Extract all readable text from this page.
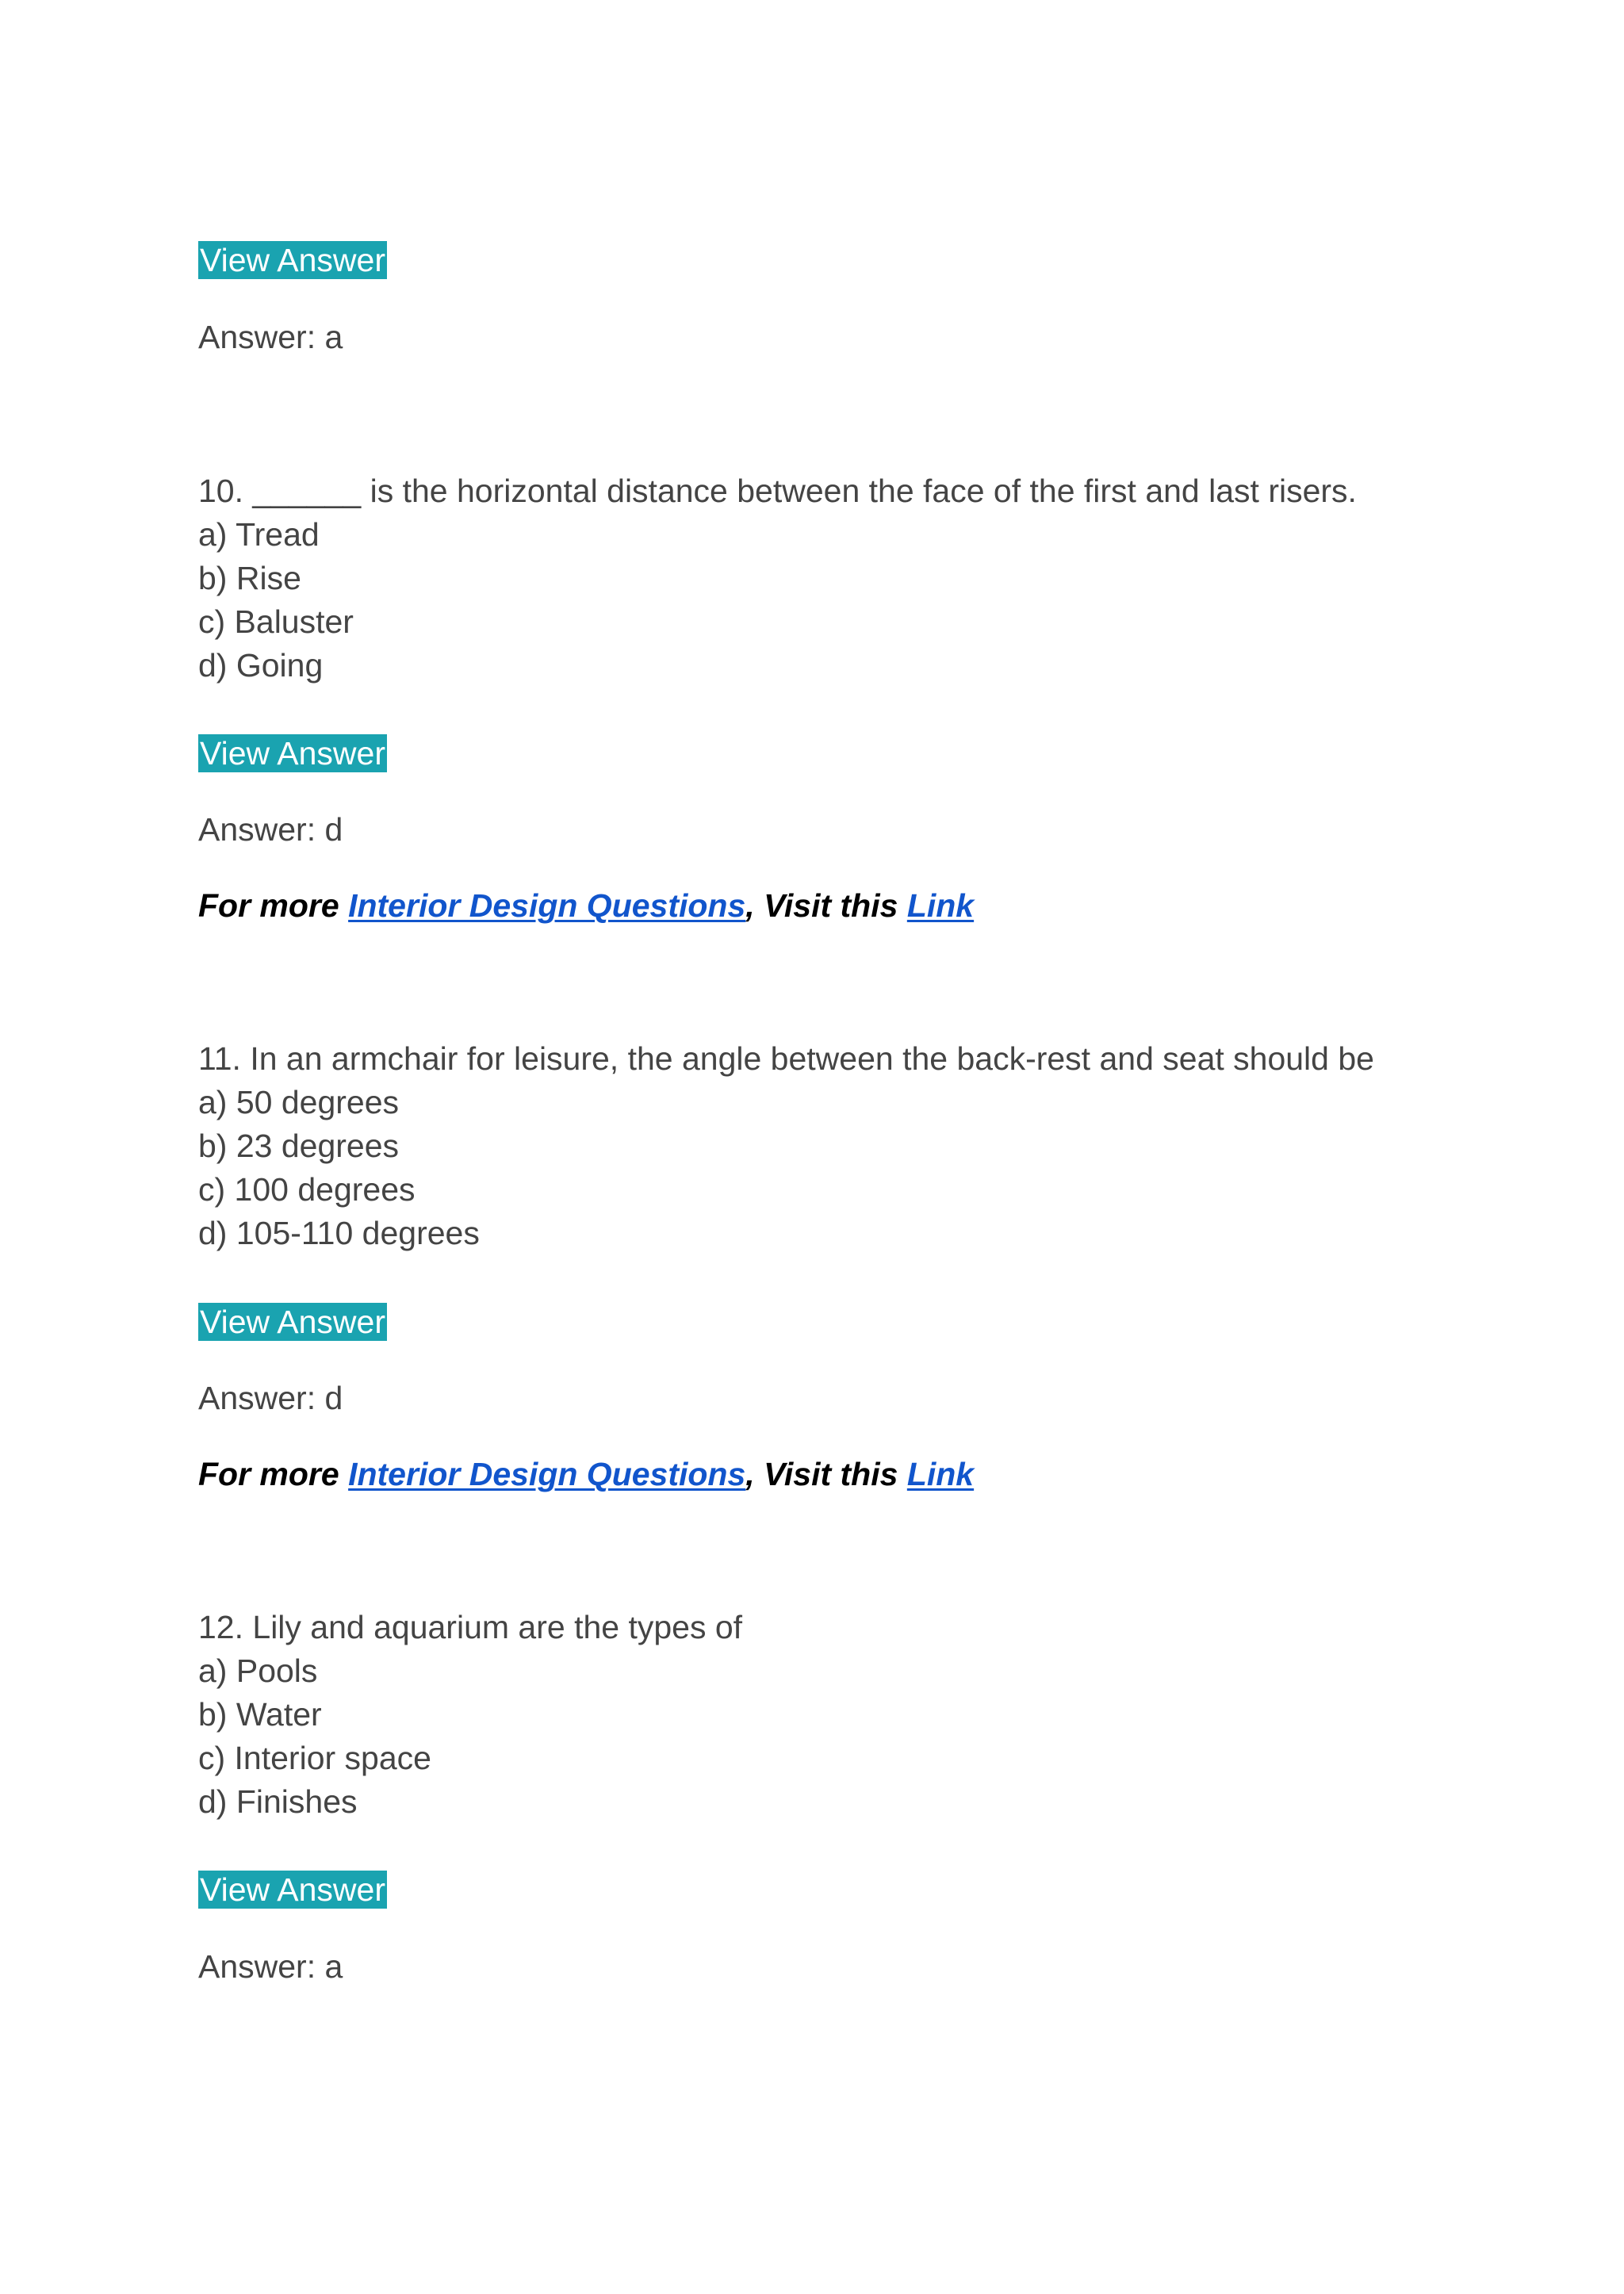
View Answer
Answer: a
10. ______ is the horizontal distance between the face of the first and last risers.
a) Tread
b) Rise
c) Baluster
d) Going
View Answer
Answer: d
For more Interior Design Questions, Visit this Link
11. In an armchair for leisure, the angle between the back-rest and seat should be
a) 50 degrees
b) 23 degrees
c) 100 degrees
d) 105-110 degrees
View Answer
Answer: d
For more Interior Design Questions, Visit this Link
12. Lily and aquarium are the types of
a) Pools
b) Water
c) Interior space
d) Finishes
View Answer
Answer: a
